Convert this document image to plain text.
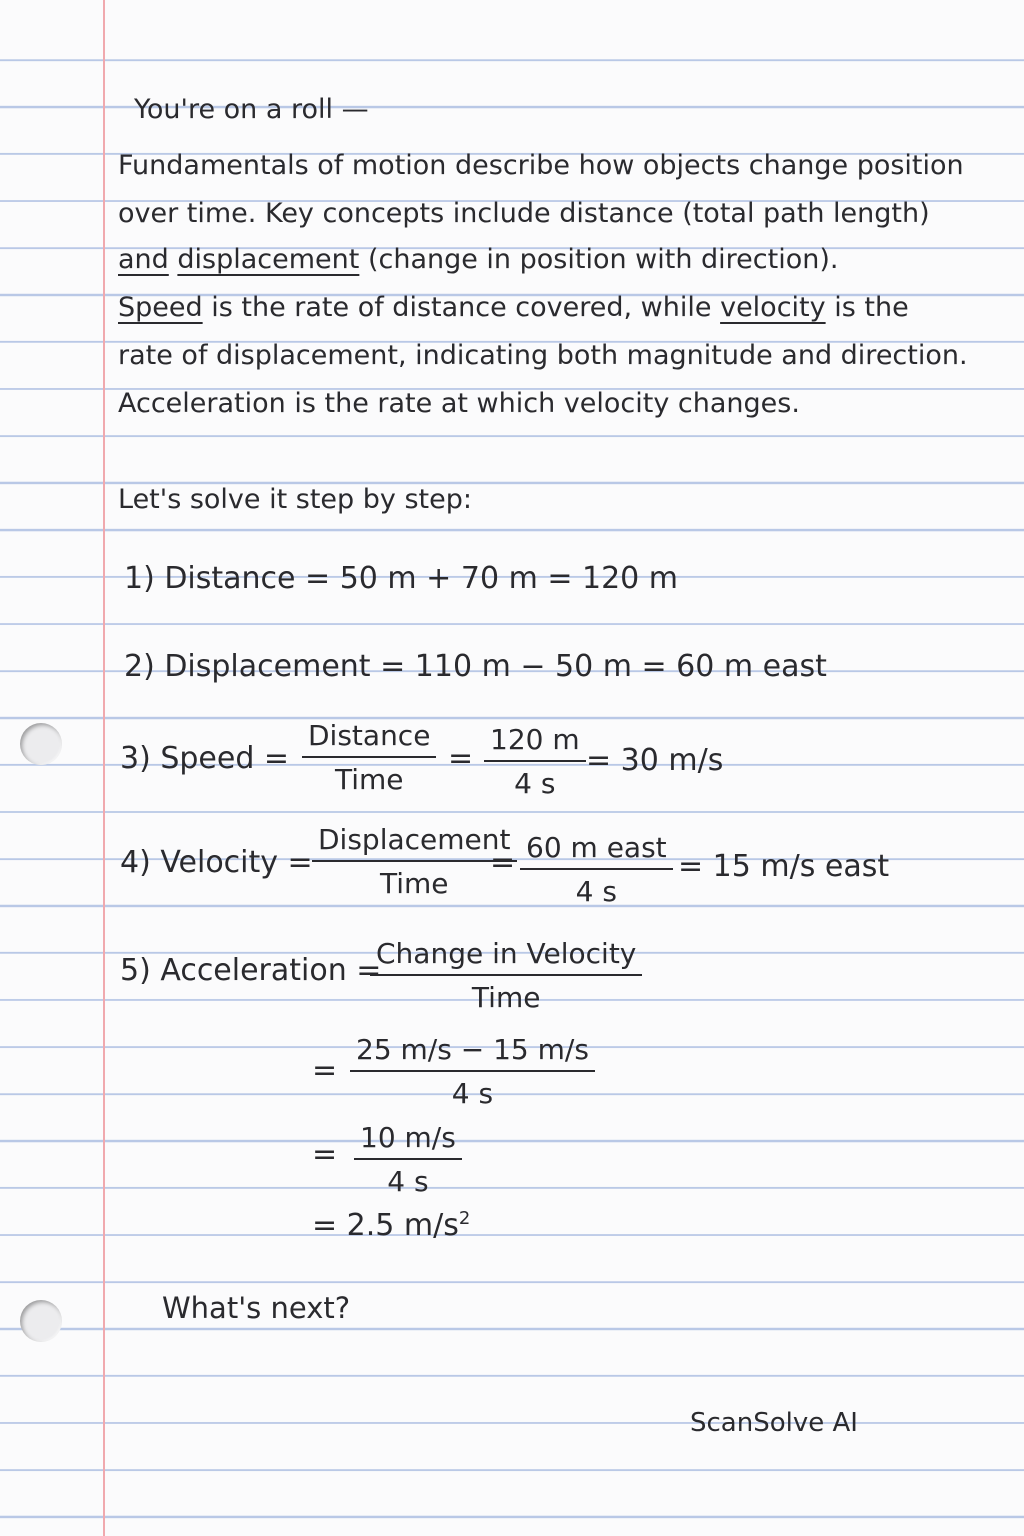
You're on a roll —
Fundamentals of motion describe how objects change position
over time. Key concepts include distance (total path length)
and displacement (change in position with direction).
Speed is the rate of distance covered, while velocity is the
rate of displacement, indicating both magnitude and direction.
Acceleration is the rate at which velocity changes.
Let's solve it step by step:
1) Distance = 50 m + 70 m = 120 m
2) Displacement = 110 m − 50 m = 60 m east
3) Speed =
Distance
Time
= $\frac{120 m}{4 s} = 30$ m/s
4) Velocity =
Displacement
Time
= 60 m east
4 s
= 15 m/s east
5) Acceleration =
Change in Velocity
Time
= $\frac{25 m/s - 15 m/s}{4 s}$
= $\frac{10 m/s}{4 s}$
= 2.5 $m/s^2$
What's next?
ScanSolve AI
